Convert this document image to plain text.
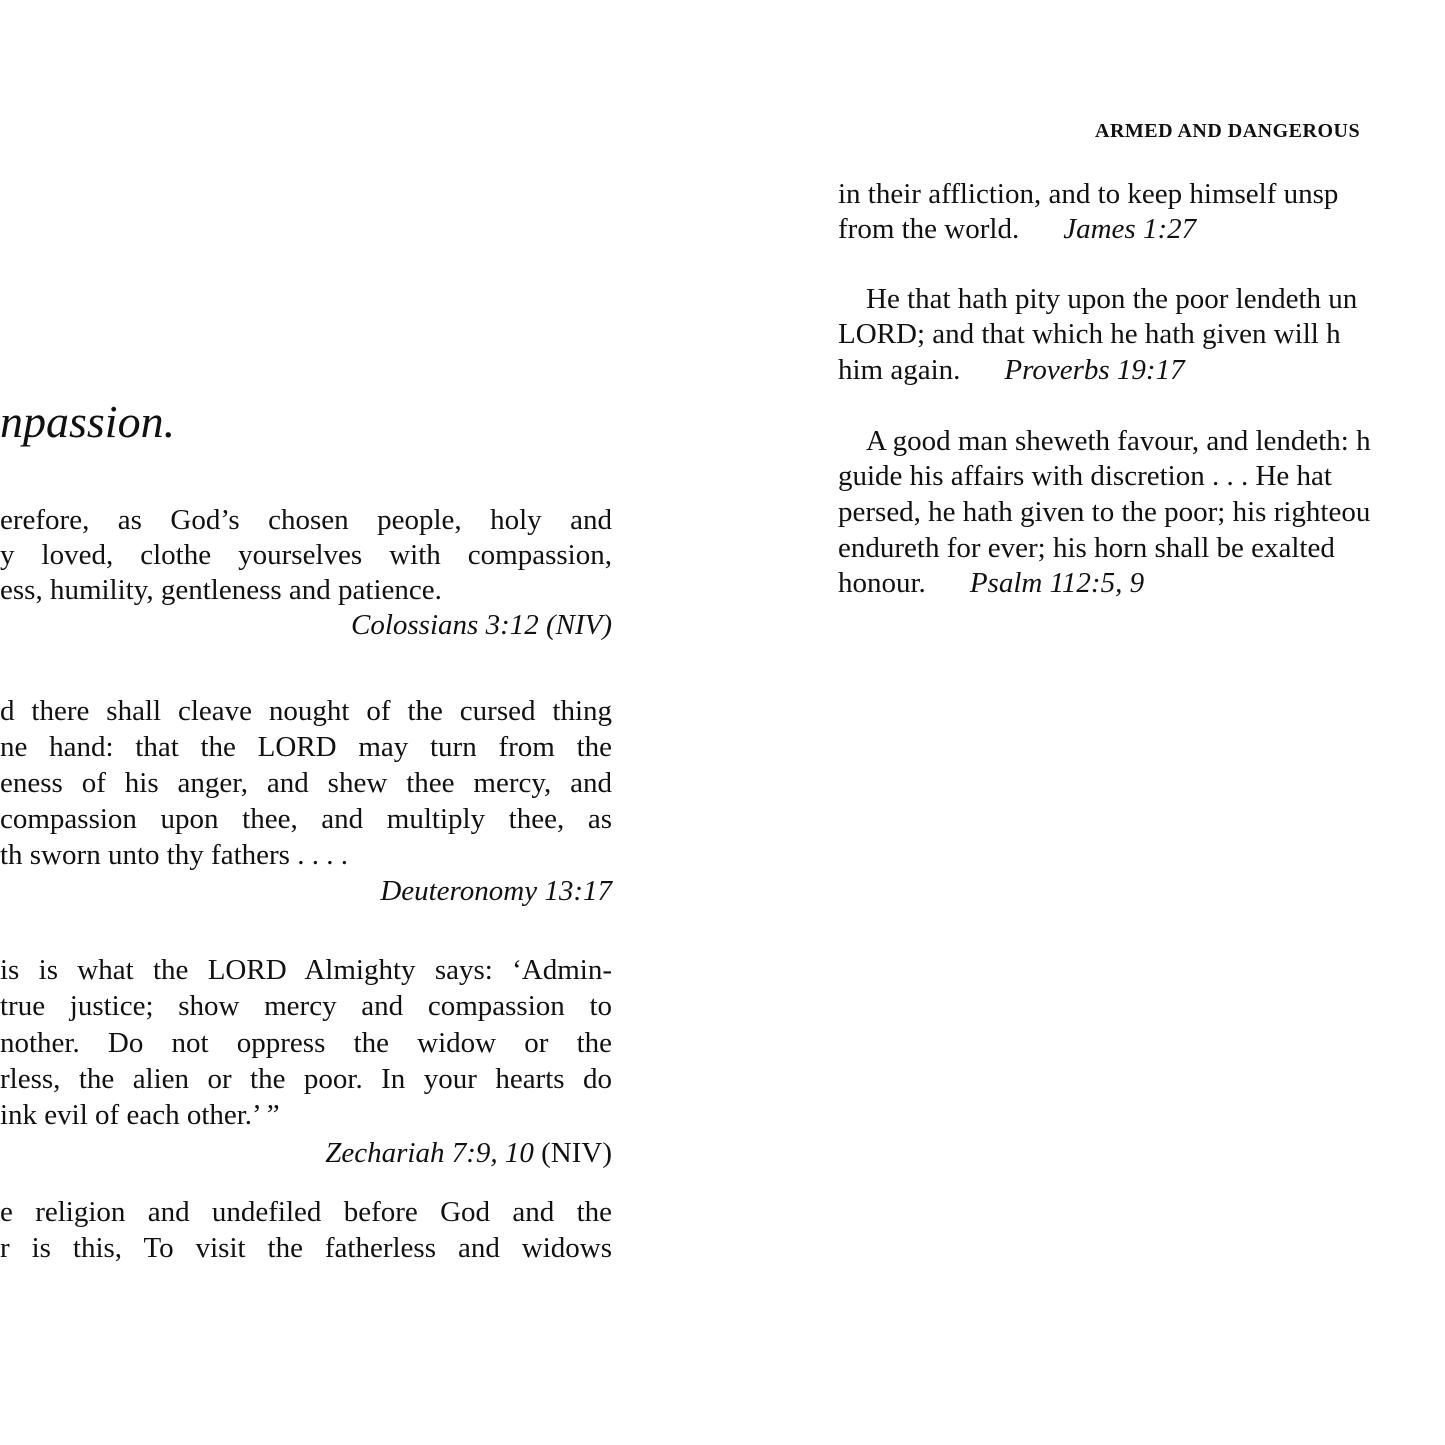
npassion.
erefore, as God’s chosen people, holy and
y loved, clothe yourselves with compassion,
ess, humility, gentleness and patience.
Colossians 3:12 (NIV)
d there shall cleave nought of the cursed thing
ne hand: that the LORD may turn from the
eness of his anger, and shew thee mercy, and
compassion upon thee, and multiply thee, as
th sworn unto thy fathers . . . .
Deuteronomy 13:17
is is what the LORD Almighty says: ‘Admin-
true justice; show mercy and compassion to
nother. Do not oppress the widow or the
rless, the alien or the poor. In your hearts do
ink evil of each other.’ ”
Zechariah 7:9, 10 (NIV)
e religion and undefiled before God and the
r is this, To visit the fatherless and widows
ARMED AND DANGEROUS
in their affliction, and to keep himself unsp
from the world. James 1:27
He that hath pity upon the poor lendeth un
LORD; and that which he hath given will h
him again. Proverbs 19:17
A good man sheweth favour, and lendeth: h
guide his affairs with discretion . . . He hat
persed, he hath given to the poor; his righteou
endureth for ever; his horn shall be exalted
honour. Psalm 112:5, 9
